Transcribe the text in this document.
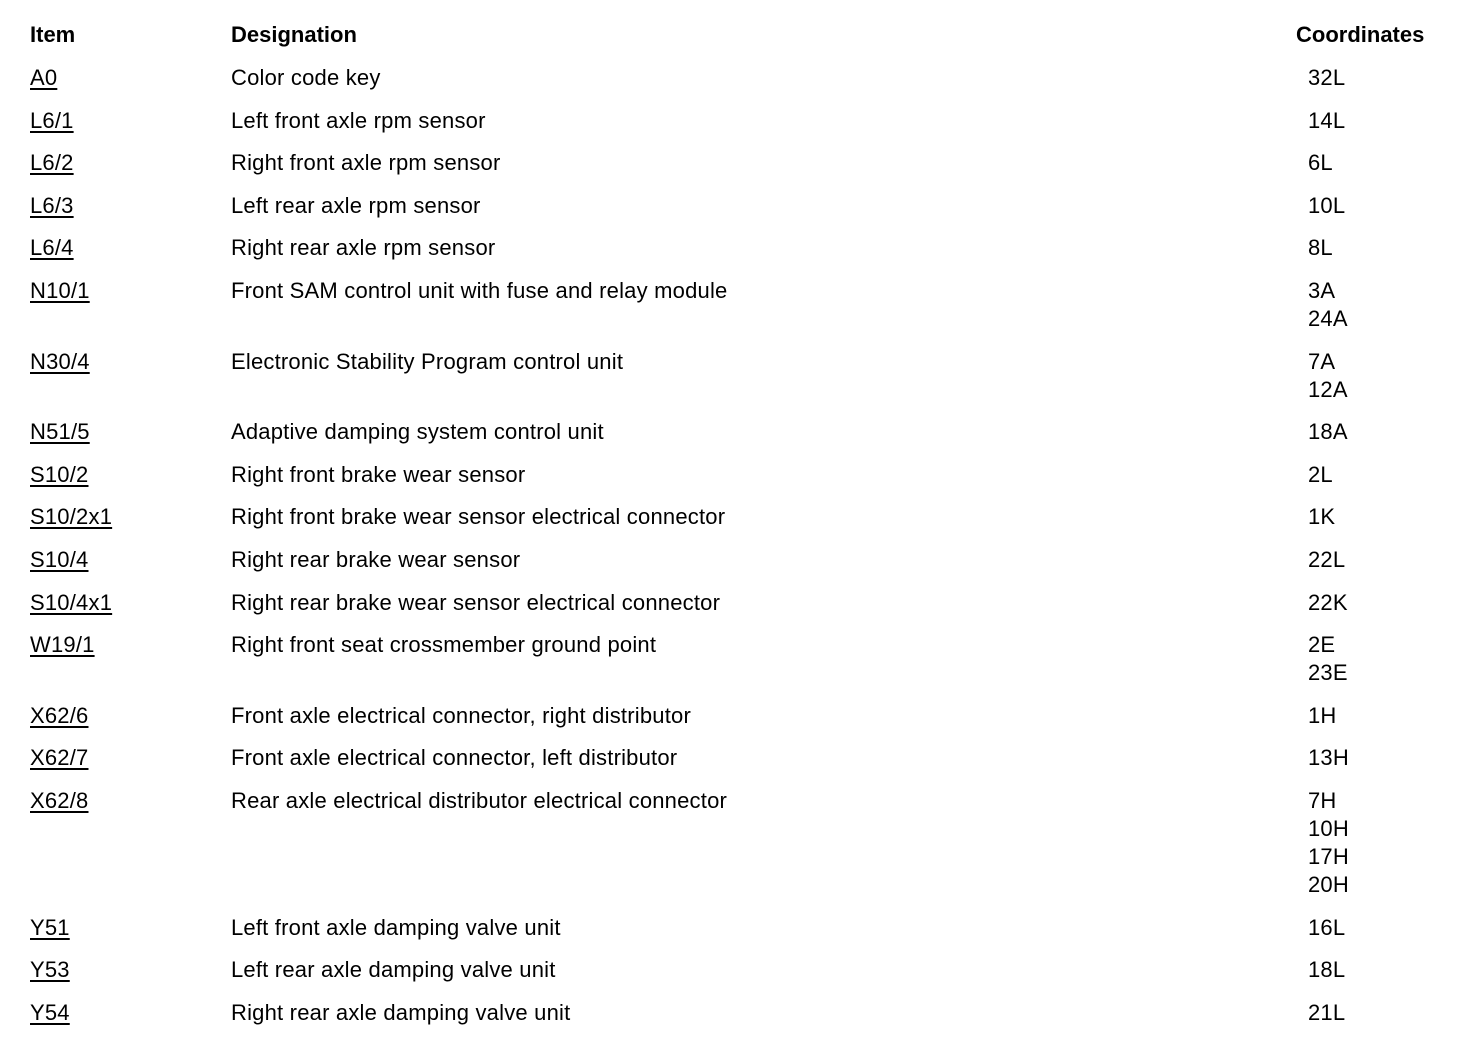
Item	Designation	Coordinates
A0	Color code key	32L
L6/1	Left front axle rpm sensor	14L
L6/2	Right front axle rpm sensor	6L
L6/3	Left rear axle rpm sensor	10L
L6/4	Right rear axle rpm sensor	8L
N10/1	Front SAM control unit with fuse and relay module	3A
24A
N30/4	Electronic Stability Program control unit	7A
12A
N51/5	Adaptive damping system control unit	18A
S10/2	Right front brake wear sensor	2L
S10/2x1	Right front brake wear sensor electrical connector	1K
S10/4	Right rear brake wear sensor	22L
S10/4x1	Right rear brake wear sensor electrical connector	22K
W19/1	Right front seat crossmember ground point	2E
23E
X62/6	Front axle electrical connector, right distributor	1H
X62/7	Front axle electrical connector, left distributor	13H
X62/8	Rear axle electrical distributor electrical connector	7H
10H
17H
20H
Y51	Left front axle damping valve unit	16L
Y53	Left rear axle damping valve unit	18L
Y54	Right rear axle damping valve unit	21L
